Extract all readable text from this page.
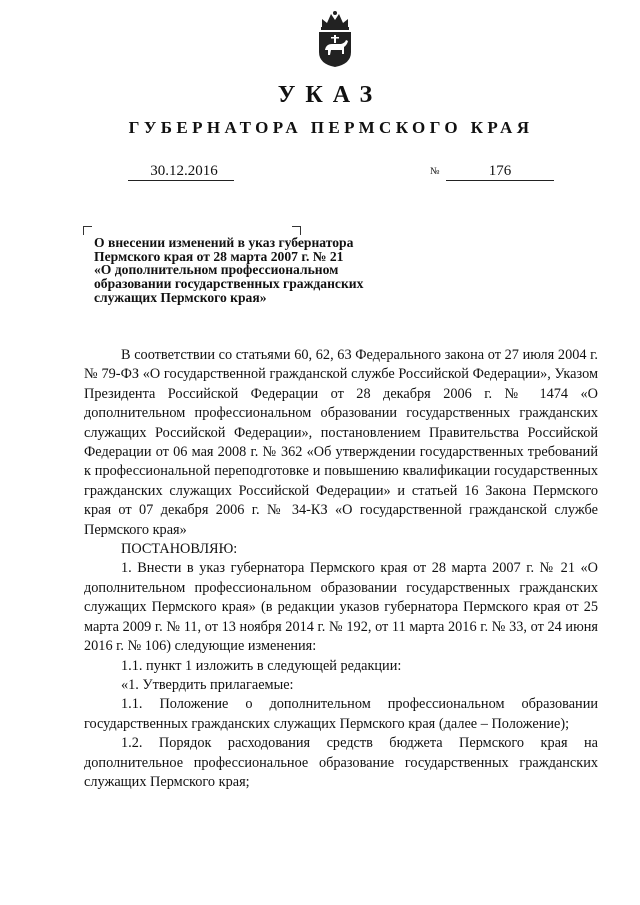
УКАЗ
ГУБЕРНАТОРА ПЕРМСКОГО КРАЯ
30.12.2016	№	176
О внесении изменений в указ губернатора
Пермского края от 28 марта 2007 г. № 21
«О дополнительном профессиональном
образовании государственных гражданских
служащих Пермского края»

В соответствии со статьями 60, 62, 63 Федерального закона от 27 июля 2004 г. № 79-ФЗ «О государственной гражданской службе Российской Федерации», Указом Президента Российской Федерации от 28 декабря 2006 г. № 1474 «О дополнительном профессиональном образовании государственных гражданских служащих Российской Федерации», постановлением Правительства Российской Федерации от 06 мая 2008 г. № 362 «Об утверждении государственных требований к профессиональной переподготовке и повышению квалификации государственных гражданских служащих Российской Федерации» и статьей 16 Закона Пермского края от 07 декабря 2006 г. № 34-КЗ «О государственной гражданской службе Пермского края»

ПОСТАНОВЛЯЮ:

1. Внести в указ губернатора Пермского края от 28 марта 2007 г. № 21 «О дополнительном профессиональном образовании государственных гражданских служащих Пермского края» (в редакции указов губернатора Пермского края от 25 марта 2009 г. № 11, от 13 ноября 2014 г. № 192, от 11 марта 2016 г. № 33, от 24 июня 2016 г. № 106) следующие изменения:

1.1. пункт 1 изложить в следующей редакции:

«1. Утвердить прилагаемые:

1.1. Положение о дополнительном профессиональном образовании государственных гражданских служащих Пермского края (далее – Положение);

1.2. Порядок расходования средств бюджета Пермского края на дополнительное профессиональное образование государственных гражданских служащих Пермского края;
